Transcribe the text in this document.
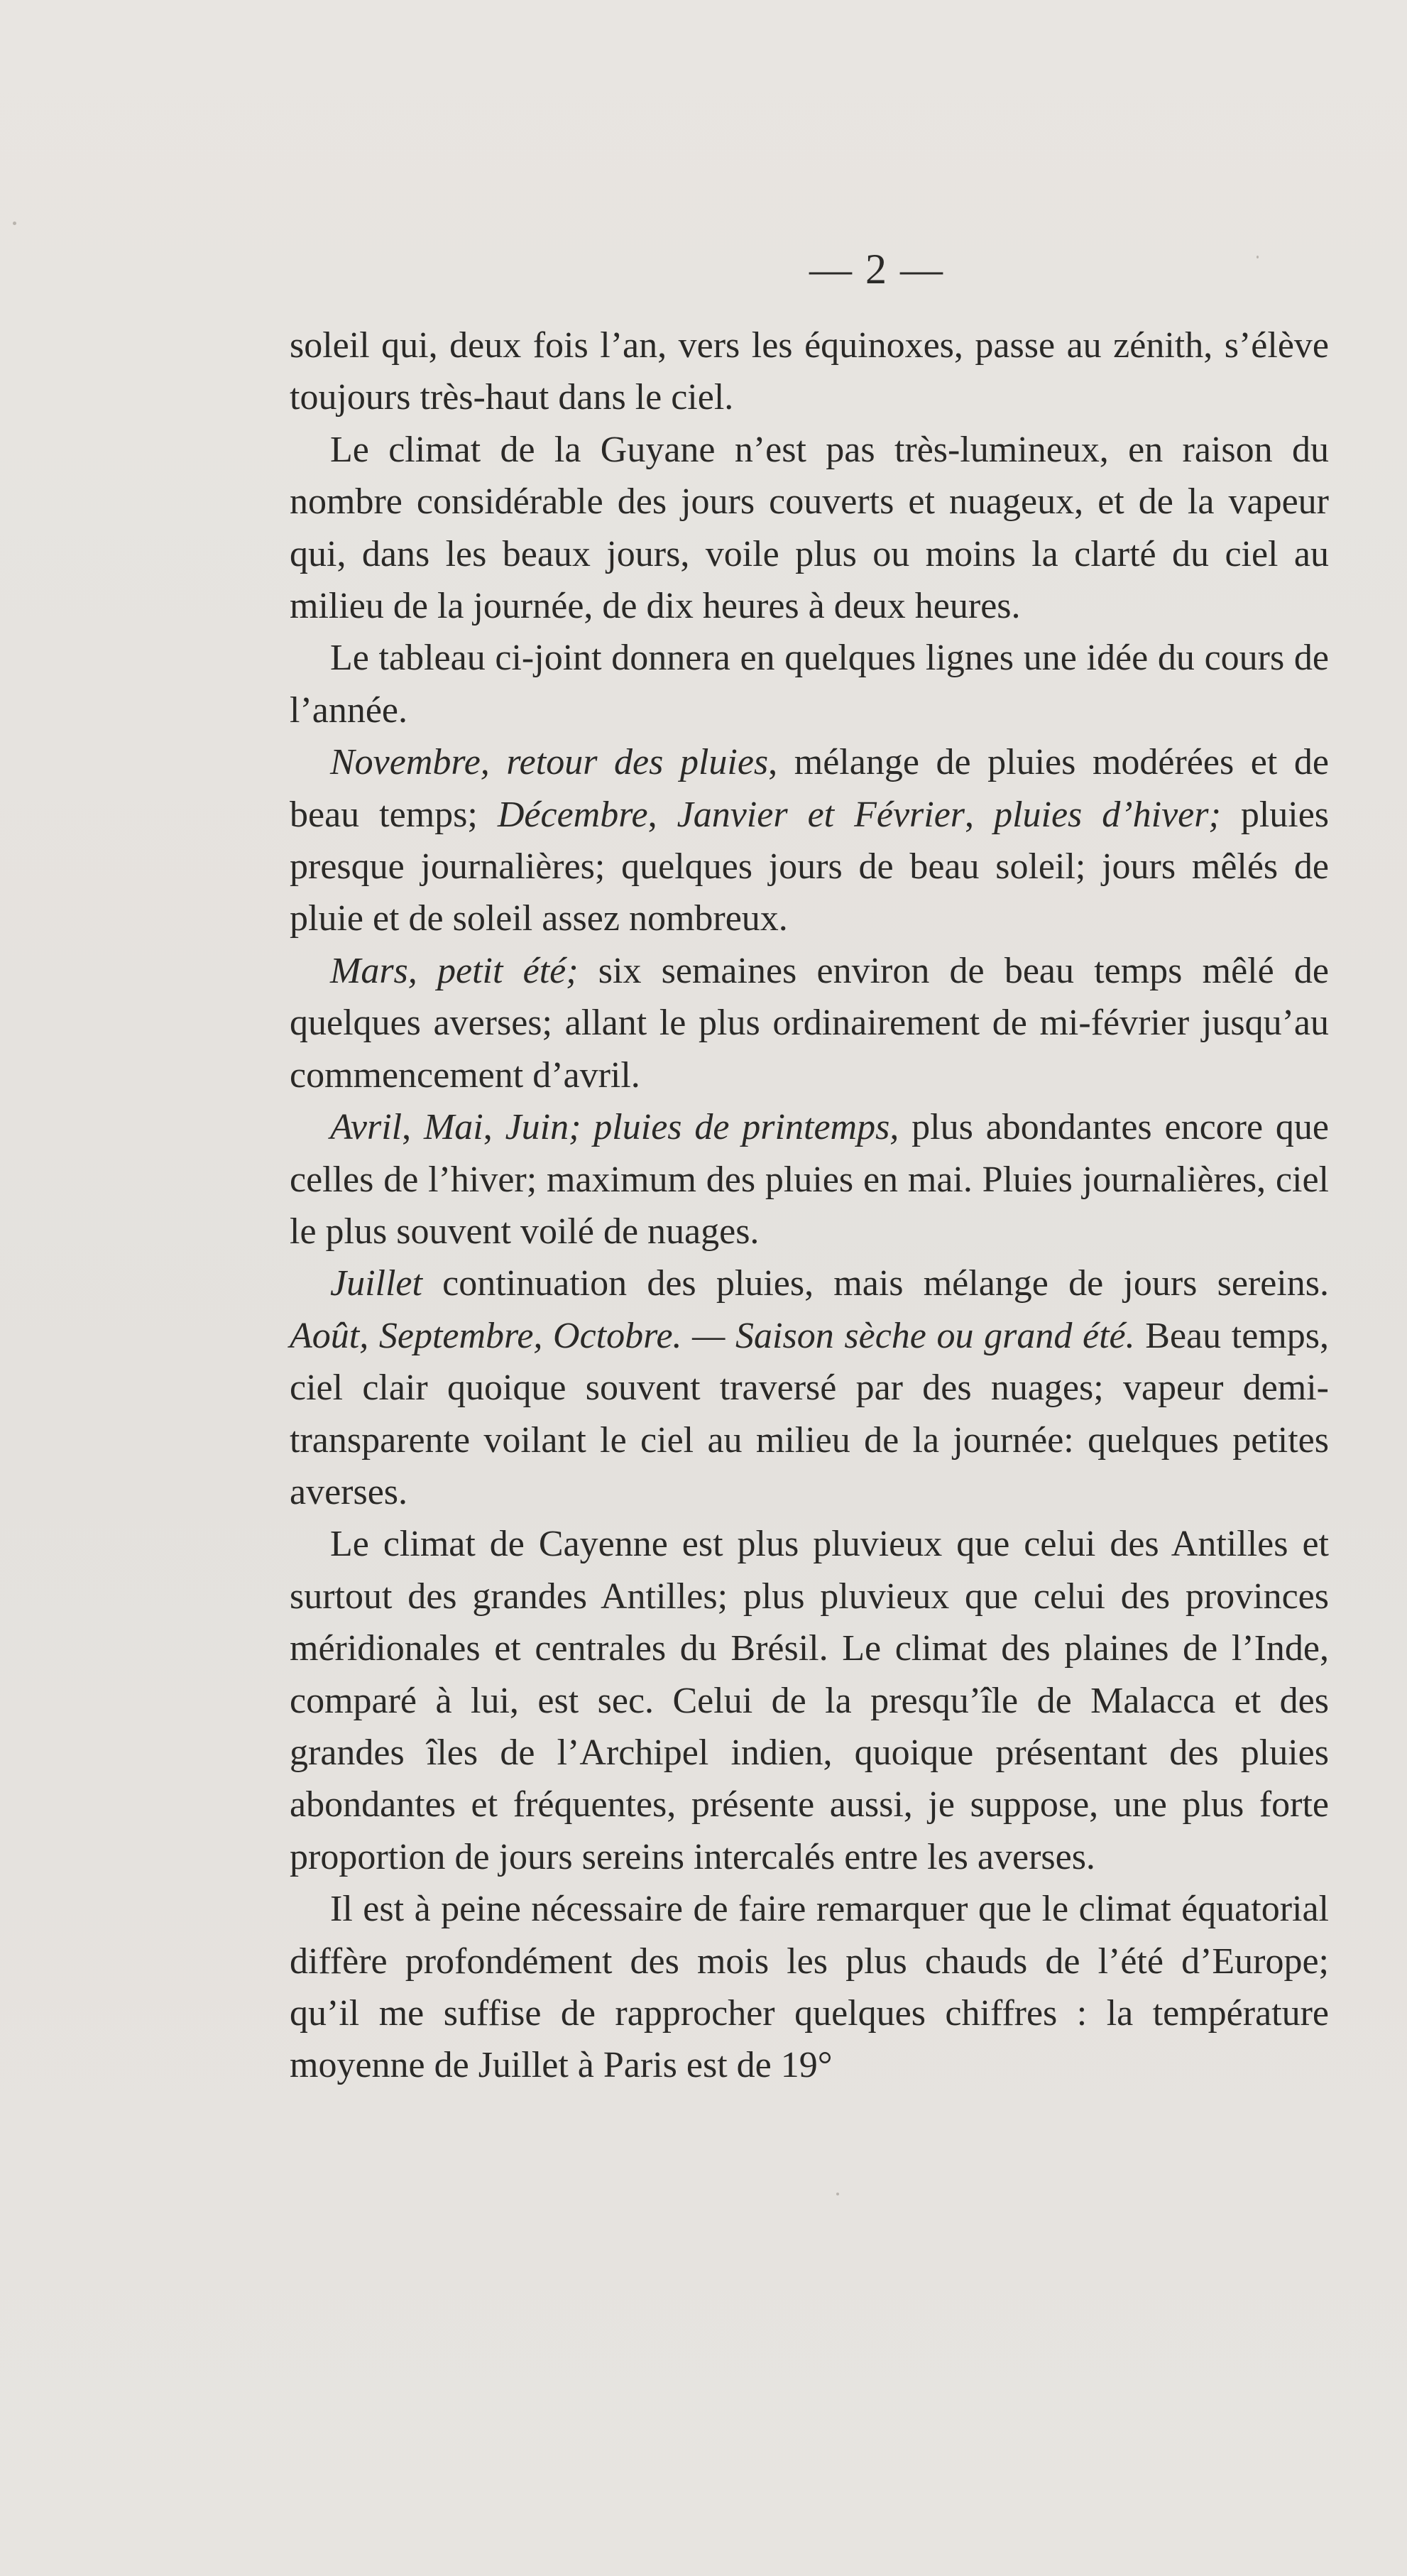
— 2 —

soleil qui, deux fois l’an, vers les équinoxes, passe au zénith, s’élève toujours très-haut dans le ciel.

Le climat de la Guyane n’est pas très-lumineux, en raison du nombre considérable des jours couverts et nuageux, et de la vapeur qui, dans les beaux jours, voile plus ou moins la clarté du ciel au milieu de la journée, de dix heures à deux heures.

Le tableau ci-joint donnera en quelques lignes une idée du cours de l’année.

Novembre, retour des pluies, mélange de pluies modérées et de beau temps; Décembre, Janvier et Février, pluies d’hiver; pluies presque journalières; quelques jours de beau soleil; jours mêlés de pluie et de soleil assez nombreux.

Mars, petit été; six semaines environ de beau temps mêlé de quelques averses; allant le plus ordinairement de mi-février jusqu’au commencement d’avril.

Avril, Mai, Juin; pluies de printemps, plus abondantes encore que celles de l’hiver; maximum des pluies en mai. Pluies journalières, ciel le plus souvent voilé de nuages.

Juillet continuation des pluies, mais mélange de jours sereins. Août, Septembre, Octobre. — Saison sèche ou grand été. Beau temps, ciel clair quoique souvent traversé par des nuages; vapeur demi-transparente voilant le ciel au milieu de la journée: quelques petites averses.

Le climat de Cayenne est plus pluvieux que celui des Antilles et surtout des grandes Antilles; plus pluvieux que celui des provinces méridionales et centrales du Brésil. Le climat des plaines de l’Inde, comparé à lui, est sec. Celui de la presqu’île de Malacca et des grandes îles de l’Archipel indien, quoique présentant des pluies abondantes et fréquentes, présente aussi, je suppose, une plus forte proportion de jours sereins intercalés entre les averses.

Il est à peine nécessaire de faire remarquer que le climat équatorial diffère profondément des mois les plus chauds de l’été d’Europe; qu’il me suffise de rapprocher quelques chiffres : la température moyenne de Juillet à Paris est de 19°
